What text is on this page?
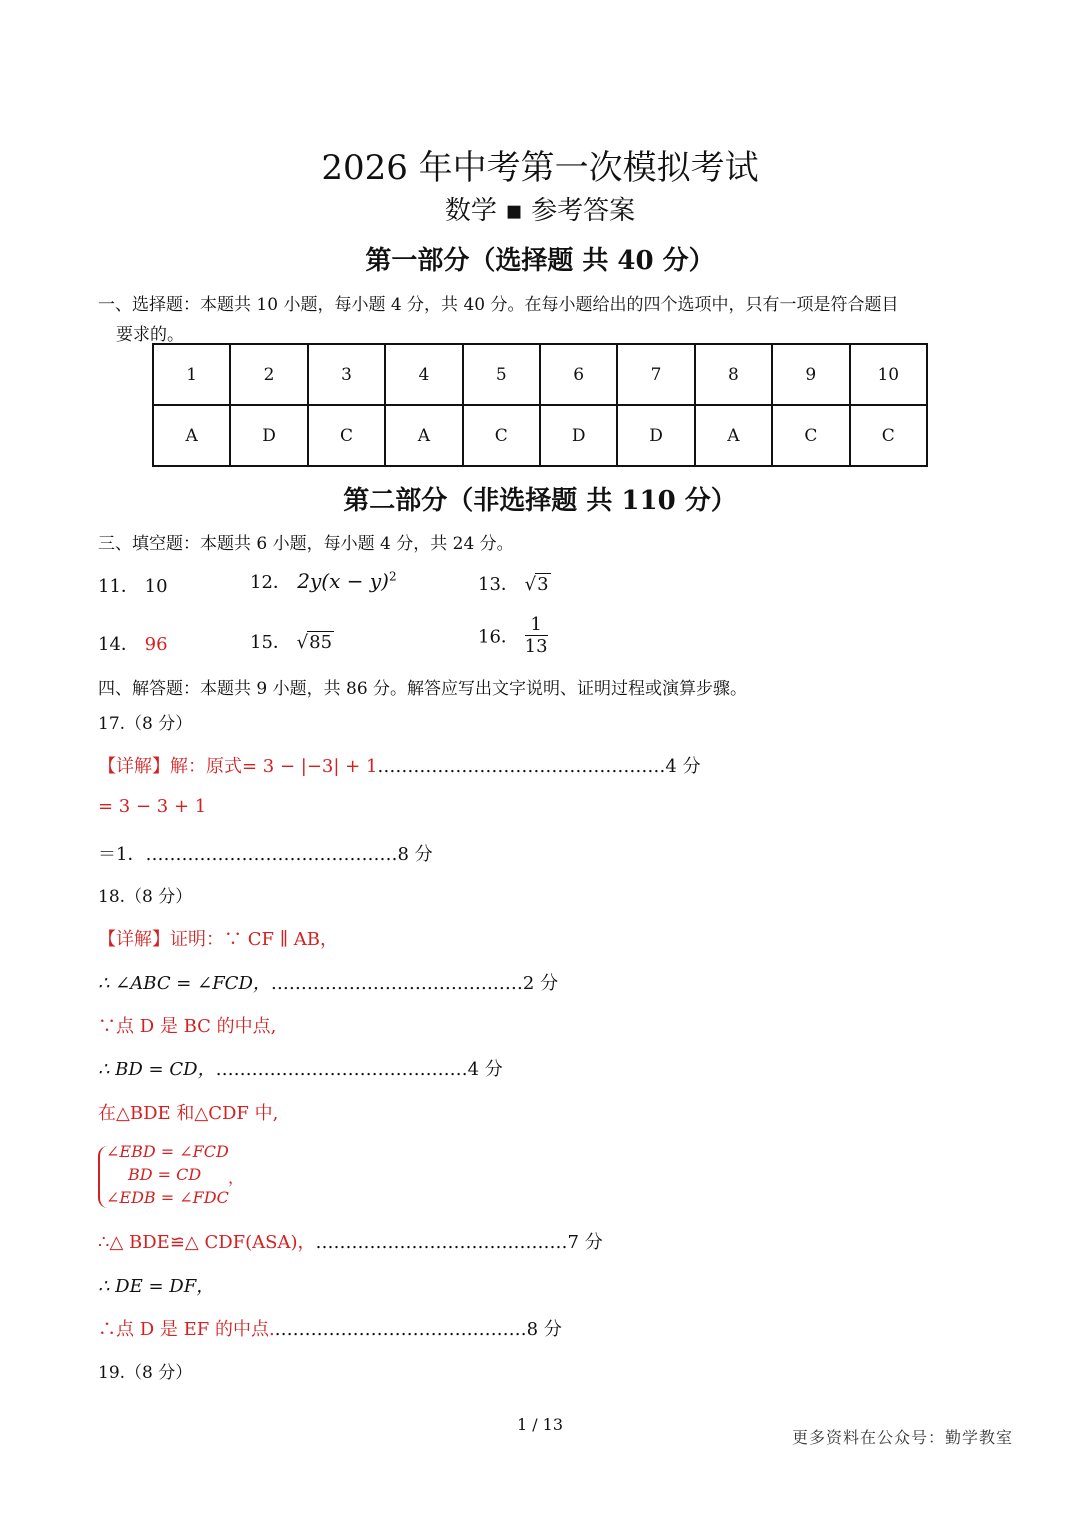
2026 年中考第一次模拟考试
数学 ▪ 参考答案
第一部分（选择题 共 40 分）
一、选择题：本题共 10 小题，每小题 4 分，共 40 分。在每小题给出的四个选项中，只有一项是符合题目
要求的。
1	2	3	4	5	6	7	8	9	10
A	D	C	A	C	D	D	A	C	C
第二部分（非选择题 共 110 分）
三、填空题：本题共 6 小题，每小题 4 分，共 24 分。
11． 10	12． $2y(x - y)^2$	13． √3
14． 96	15． √85	16． $\frac{1}{13}$
四、解答题：本题共 9 小题，共 86 分。解答应写出文字说明、证明过程或演算步骤。
17.（8 分）
【详解】解：原式= 3 − |−3| + 1…………………………………………4 分
= 3 − 3 + 1
＝1．……………………………………8 分
18.（8 分）
【详解】证明：∵ CF ∥ AB，
∴ ∠ABC = ∠FCD，……………………………………2 分
∵点 D 是 BC 的中点,
∴ BD = CD，……………………………………4 分
在△BDE 和△CDF 中,
∠EBD = ∠FCD
BD = CD
∠EDB = ∠FDC
，
∴△ BDE≌△ CDF(ASA)，……………………………………7 分
∴ DE = DF，
∴点 D 是 EF 的中点.……………………………………8 分
19.（8 分）
1 / 13
更多资料在公众号：勤学教室
